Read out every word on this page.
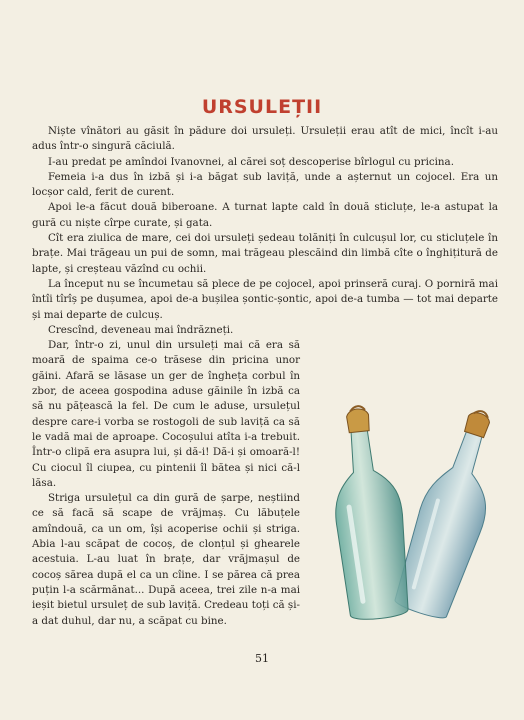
URSULEȚII

Niște vînători au găsit în pădure doi ursuleți. Ursuleții erau atît de mici, încît i-au adus într-o singură căciulă.

I-au predat pe amîndoi Ivanovnei, al cărei soț descoperise bîrlogul cu pricina.

Femeia i-a dus în izbă și i-a băgat sub laviță, unde a așternut un cojocel. Era un locșor cald, ferit de curent.

Apoi le-a făcut două biberoane. A turnat lapte cald în două sticluțe, le-a astupat la gură cu niște cîrpe curate, și gata.

Cît era ziulica de mare, cei doi ursuleți ședeau tolăniți în culcușul lor, cu sticluțele în brațe. Mai trăgeau un pui de somn, mai trăgeau plescăind din limbă cîte o înghițitură de lapte, și creșteau văzînd cu ochii.

La început nu se încumetau să plece de pe cojocel, apoi prinseră curaj. O porniră mai întîi tîrîș pe dușumea, apoi de-a bușilea șontic-șontic, apoi de-a tumba — tot mai departe și mai departe de culcuș.

Crescînd, deveneau mai îndrăzneți.

Dar, într-o zi, unul din ursuleți mai că era să moară de spaima ce-o trăsese din pricina unor găini. Afară se lăsase un ger de îngheța corbul în zbor, de aceea gospodina aduse găinile în izbă ca să nu pățească la fel. De cum le aduse, ursulețul despre care-i vorba se rostogoli de sub laviță ca să le vadă mai de aproape. Cocoșului atîta i-a trebuit. Într-o clipă era asupra lui, și dă-i! Dă-i și omoară-l! Cu ciocul îl ciupea, cu pintenii îl bătea și nici că-l lăsa.

Striga ursulețul ca din gură de șarpe, neștiind ce să facă să scape de vrăjmaș. Cu lăbuțele amîndouă, ca un om, își acoperise ochii și striga. Abia l-au scăpat de cocoș, de clonțul și ghearele acestuia. L-au luat în brațe, dar vrăjmașul de cocoș sărea după el ca un cîine. I se părea că prea puțin l-a scărmănat... După aceea, trei zile n-a mai ieșit bietul ursuleț de sub laviță. Credeau toți că și-a dat duhul, dar nu, a scăpat cu bine.

51
